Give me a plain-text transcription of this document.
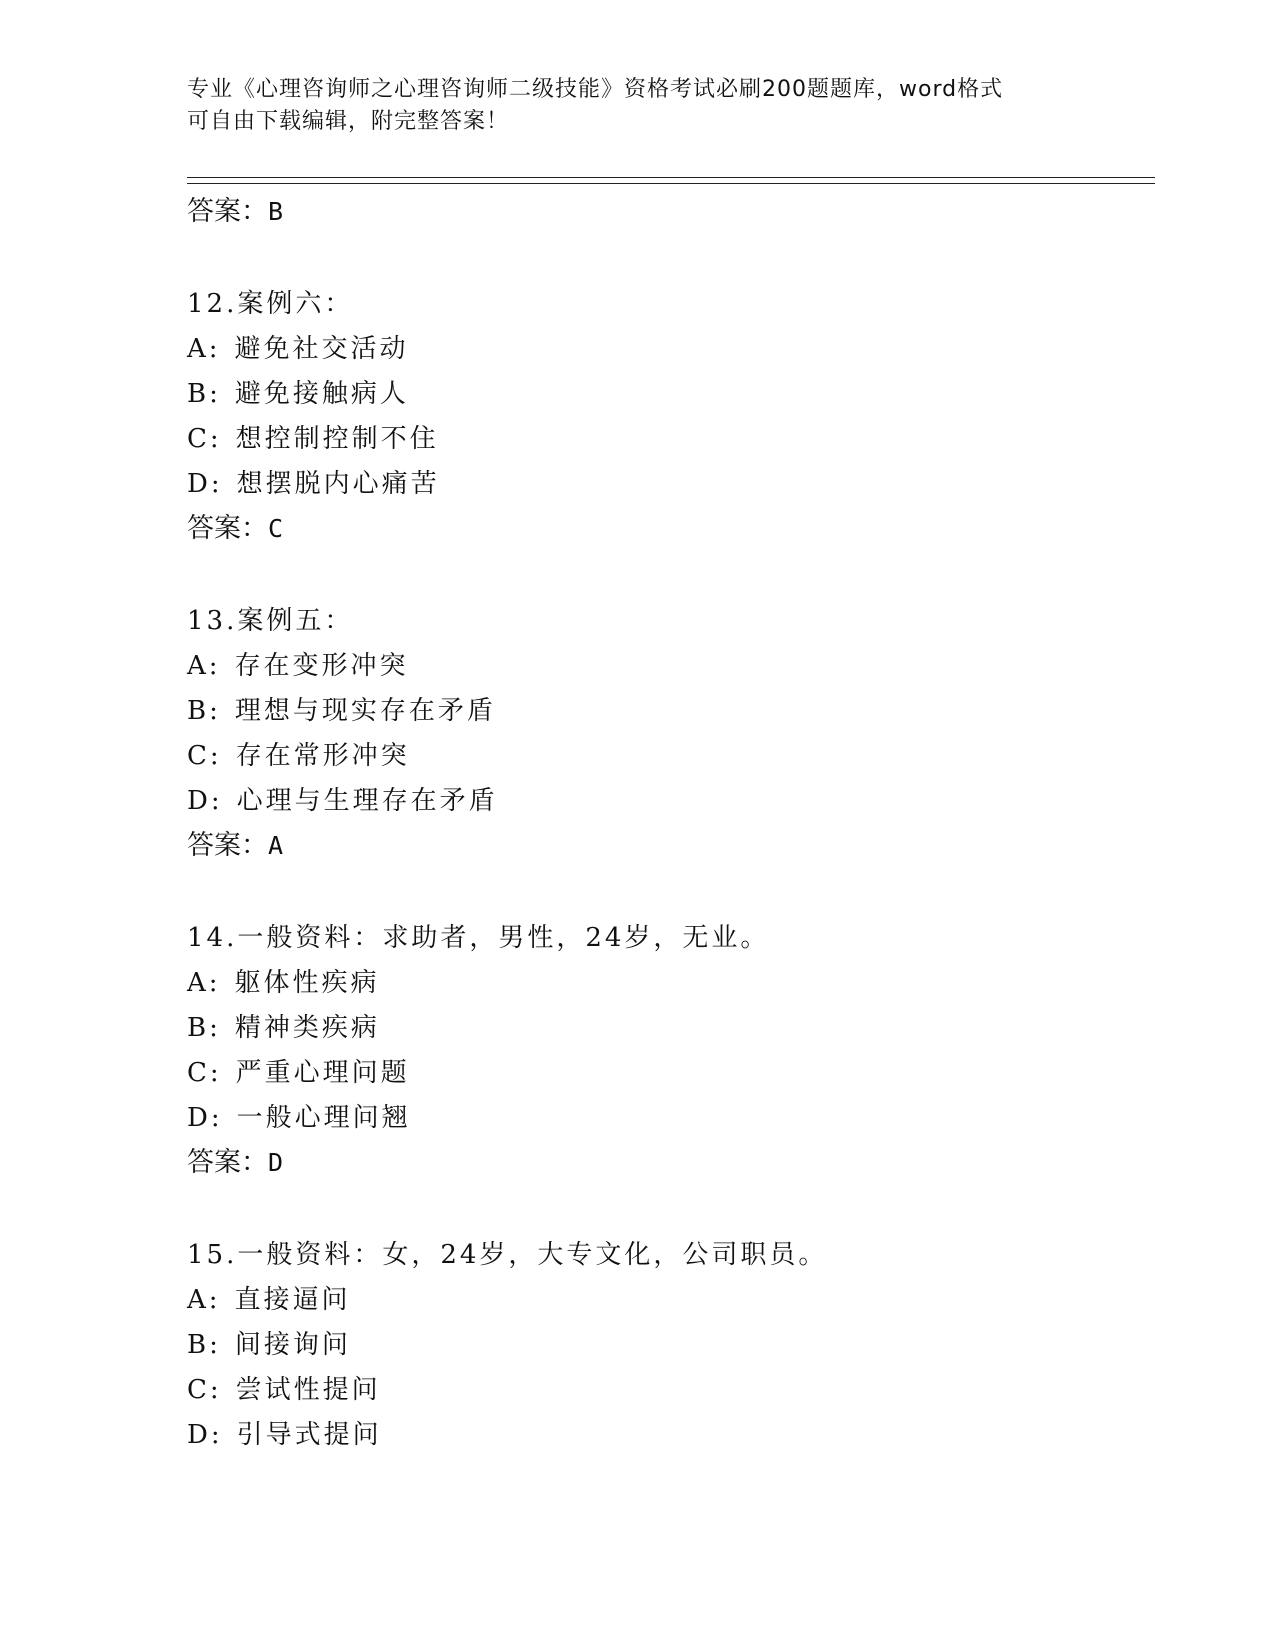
专业《心理咨询师之心理咨询师二级技能》资格考试必刷200题题库，word格式
可自由下载编辑，附完整答案！
答案：B
12.案例六：
A: 避免社交活动
B: 避免接触病人
C: 想控制控制不住
D: 想摆脱内心痛苦
答案：C
13.案例五：
A: 存在变形冲突
B: 理想与现实存在矛盾
C: 存在常形冲突
D: 心理与生理存在矛盾
答案：A
14.一般资料：求助者，男性，24岁，无业。
A: 躯体性疾病
B: 精神类疾病
C: 严重心理问题
D: 一般心理问翘
答案：D
15.一般资料：女，24岁，大专文化，公司职员。
A: 直接逼问
B: 间接询问
C: 尝试性提问
D: 引导式提问
